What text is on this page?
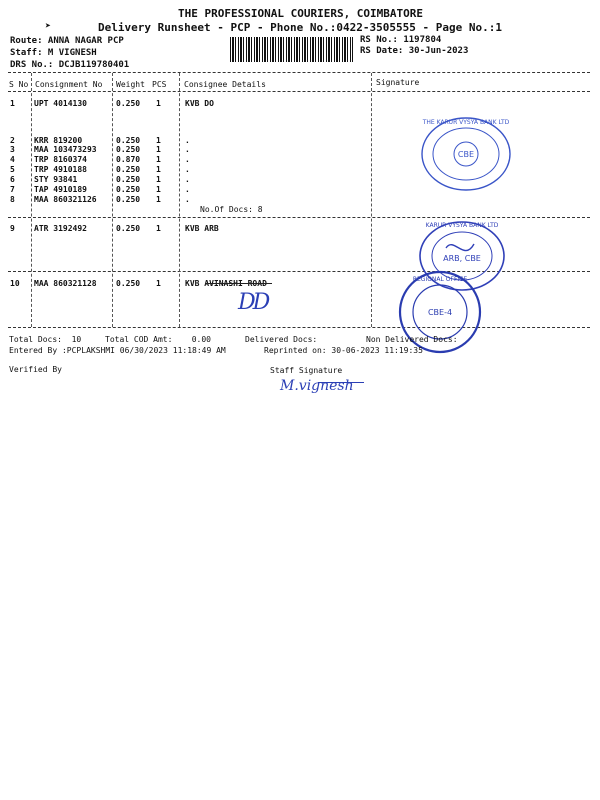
THE PROFESSIONAL COURIERS, COIMBATORE
➤	Delivery Runsheet - PCP - Phone No.:0422-3505555 - Page No.:1
Route: ANNA NAGAR PCP
Staff: M VIGNESH
DRS No.: DCJB119780401
RS No.: 1197804
RS Date: 30-Jun-2023
S No Consignment No Weight PCS Consignee Details	Signature
1 UPT 4014130	0.250 1	KVB DO
2 KRR 819200	0.250 1	.
3 MAA 103473293 0.250 1	.
4 TRP 8160374	0.870 1	.
5 TRP 4910188	0.250 1	.
6 STY 93841	0.250 1	.
7 TAP 4910189	0.250 1	.
8 MAA 860321126 0.250 1	.
No.Of Docs: 8
9 ATR 3192492	0.250 1	KVB ARB
10 MAA 860321128 0.250 1	KVB AVINASHI ROAD
DD
CBE
THE KARUR VYSYA BANK LTD
ARB, CBE
KARUR VYSYA BANK LTD
CBE-4
REGIONAL OFFICE
Total Docs:  10	Total COD Amt:    0.00	Delivered Docs:	Non Delivered Docs:
Entered By :PCPLAKSHMI 06/30/2023 11:18:49 AM	Reprinted on: 30-06-2023 11:19:35
Verified By	Staff Signature
M.vignesh
